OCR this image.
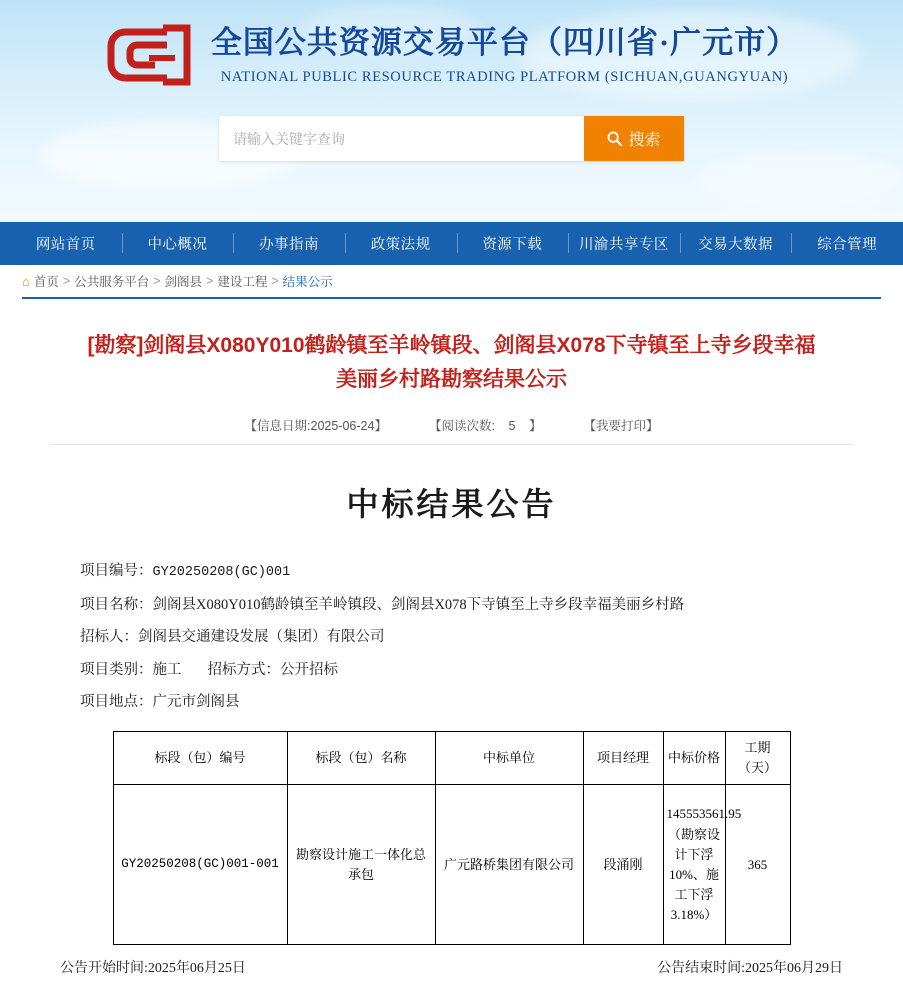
全国公共资源交易平台（四川省·广元市）
NATIONAL PUBLIC RESOURCE TRADING PLATFORM (SICHUAN,GUANGYUAN)
请输入关键字查询
搜索
网站首页	中心概况	办事指南	政策法规	资源下载	川渝共享专区 交易大数据	综合管理
⌂ 首页 > 公共服务平台 > 剑阁县 > 建设工程 > 结果公示
[勘察]剑阁县X080Y010鹤龄镇至羊岭镇段、剑阁县X078下寺镇至上寺乡段幸福美丽乡村路勘察结果公示
【信息日期:2025-06-24】	【阅读次数: 5 】	【我要打印】
中标结果公告
项目编号：GY20250208(GC)001
项目名称：剑阁县X080Y010鹤龄镇至羊岭镇段、剑阁县X078下寺镇至上寺乡段幸福美丽乡村路
招标人：剑阁县交通建设发展（集团）有限公司
项目类别：施工 招标方式：公开招标
项目地点：广元市剑阁县
标段（包）编号	标段（包）名称	中标单位	项目经理	中标价格	工期（天）
GY20250208(GC)001-001	勘察设计施工一体化总承包	广元路桥集团有限公司	段涌刚	145553561.95（勘察设计下浮10%、施工下浮3.18%）	365
公告开始时间:2025年06月25日	公告结束时间:2025年06月29日
